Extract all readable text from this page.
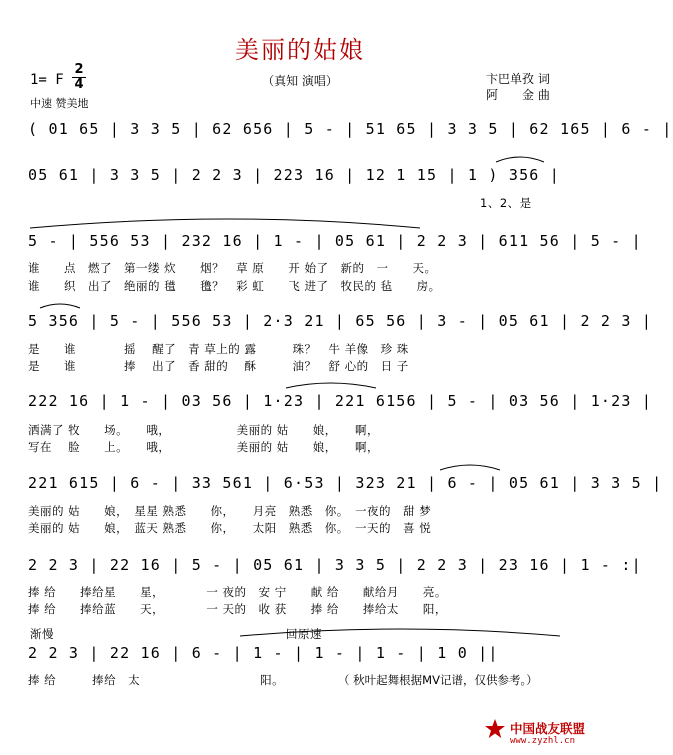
美丽的姑娘
（真知 演唱）	卞巴单孜 词
阿　　金 曲
1= F
2
4
中速 赞美地
( 01 65 | 3 3 5 | 62 656 | 5 - | 51 65 | 3 3 5 | 62 165 | 6 - |
05 61 | 3 3 5 | 2 2 3 | 223 16 | 12 1 15 | 1 ) 356 |
5 - | 556 53 | 232 16 | 1 - | 05 61 | 2 2 3 | 611 56 | 5 - |
5 356 | 5 - | 556 53 | 2·3 21 | 65 56 | 3 - | 05 61 | 2 2 3 |
222 16 | 1 - | 03 56 | 1·23 | 221 6156 | 5 - | 03 56 | 1·23 |
221 615 | 6 - | 33 561 | 6·53 | 323 21 | 6 - | 05 61 | 3 3 5 |
2 2 3 | 22 16 | 5 - | 05 61 | 3 3 5 | 2 2 3 | 23 16 | 1 - :|
2 2 3 | 22 16 | 6 - | 1 - | 1 - | 1 - | 1 0 ||
1、2、是
谁　　点　燃了　第一缕 炊　　烟？　草 原　　开 始了　新的　一　　天。
谁　　织　出了　绝丽的 氆　　氇？　彩 虹　　飞 进了　牧民的 毡　　房。
是　　谁　　　　摇　 醒了　青 草上的 露　　　珠？　牛 羊像　珍 珠
是　　谁　　　　捧　 出了　香 甜的　 酥　　　油？　舒 心的　日 子
洒满了 牧　　场。　　哦，　　　　　　美丽的 姑　　娘，　　啊，
写在　 脸　　上。　　哦，　　　　　　美丽的 姑　　娘，　　啊，
美丽的 姑　　娘，　星星 熟悉　　你，　　月亮　熟悉　你。　一夜的　甜 梦
美丽的 姑　　娘，　蓝天 熟悉　　你，　　太阳　熟悉　你。　一天的　喜 悦
捧 给　　捧给星　　星，　　　　一 夜的　安 宁　　献 给　　献给月　　亮。
捧 给　　捧给蓝　　天，　　　　一 天的　收 获　　捧 给　　捧给太　　阳，
捧 给　　　捧给　太　　　　　　　　　　阳。
渐慢	回原速
（ 秋叶起舞根据MV记谱，仅供参考。）
中国战友联盟
www.zyzhl.cn
